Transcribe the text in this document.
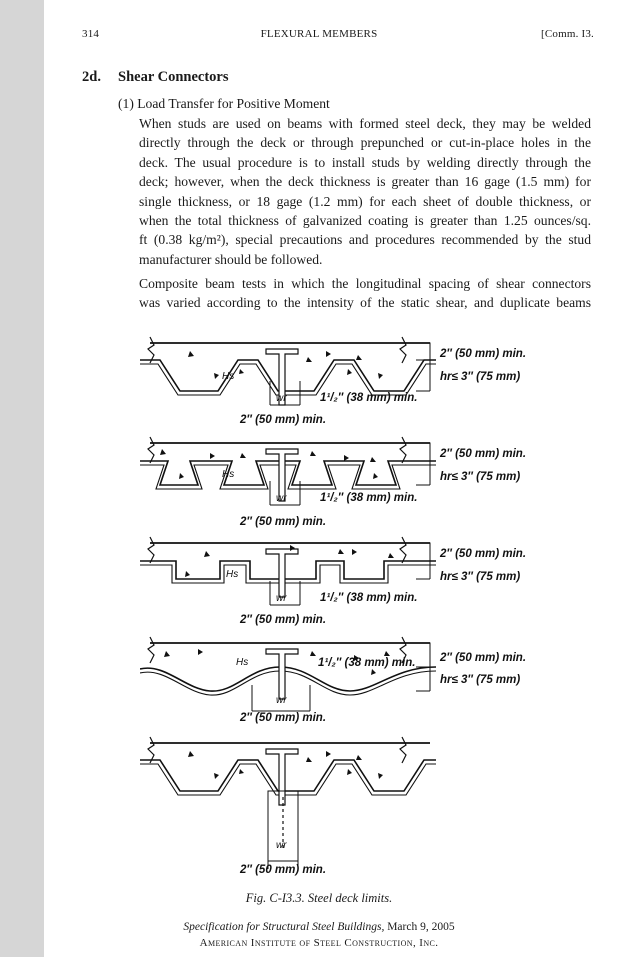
314	FLEXURAL MEMBERS	[Comm. I3.
2d. Shear Connectors
(1) Load Transfer for Positive Moment

When studs are used on beams with formed steel deck, they may be welded
directly through the deck or through prepunched or cut-in-place holes in the
deck. The usual procedure is to install studs by welding directly through the
deck; however, when the deck thickness is greater than 16 gage (1.5 mm) for
single thickness, or 18 gage (1.2 mm) for each sheet of double thickness, or
when the total thickness of galvanized coating is greater than 1.25 ounces/sq.
ft (0.38 kg/m²), special precautions and procedures recommended by the stud
manufacturer should be followed.

Composite beam tests in which the longitudinal spacing of shear connectors
was varied according to the intensity of the static shear, and duplicate beams

Hs
wr	1¹/₂″ (38 mm) min.
2″ (50 mm) min.
2″ (50 mm) min.
hr≤ 3″ (75 mm)
Hs
wr	1¹/₂″ (38 mm) min.
2″ (50 mm) min.
2″ (50 mm) min.
hr≤ 3″ (75 mm)
Hs
wr	1¹/₂″ (38 mm) min.
2″ (50 mm) min.
2″ (50 mm) min.
hr≤ 3″ (75 mm)
Hs
wr
1¹/₂″ (38 mm) min.
2″ (50 mm) min.
2″ (50 mm) min.
hr≤ 3″ (75 mm)
wr
2″ (50 mm) min.
Fig. C-I3.3. Steel deck limits.
Specification for Structural Steel Buildings, March 9, 2005
American Institute of Steel Construction, Inc.
